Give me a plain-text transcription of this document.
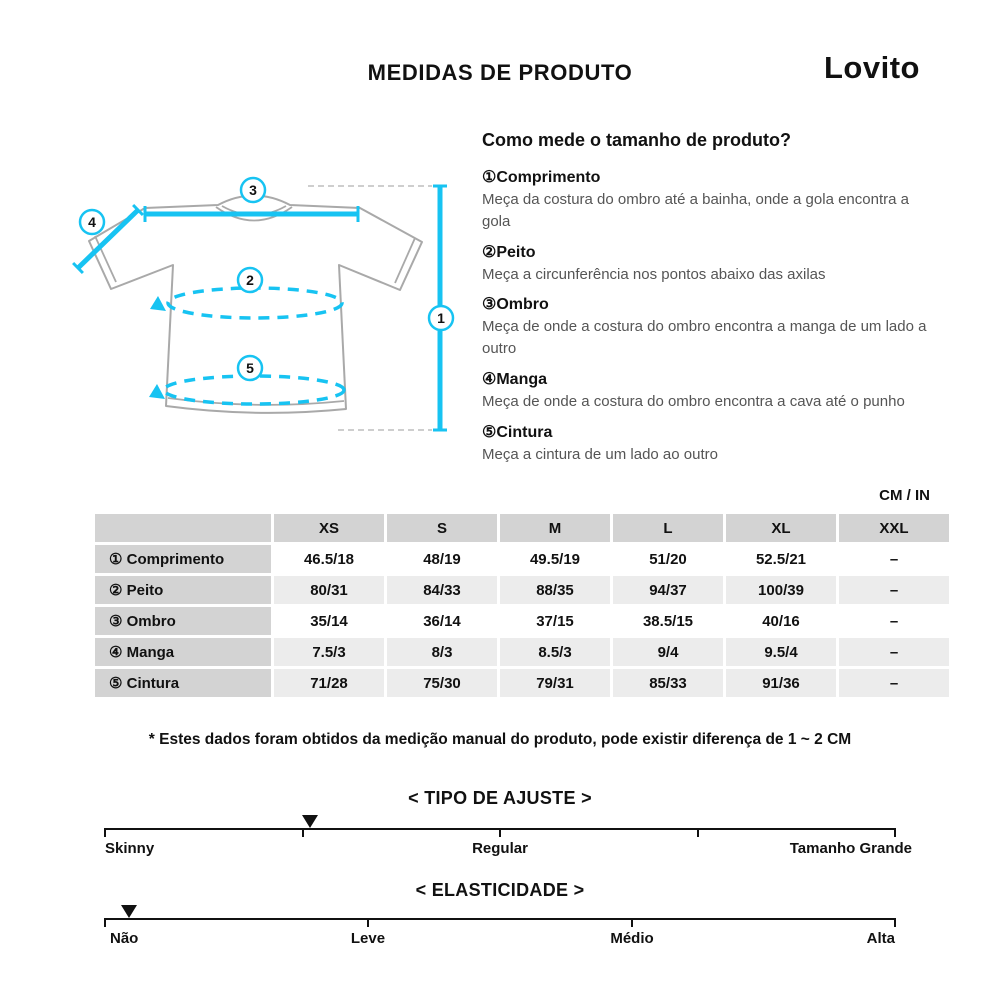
MEDIDAS DE PRODUTO	Lovito
3
4
2
5
1
Como mede o tamanho de produto?
①Comprimento
Meça da costura do ombro até a bainha, onde a gola encontra a gola
②Peito
Meça a circunferência nos pontos abaixo das axilas
③Ombro
Meça de onde a costura do ombro encontra a manga de um lado a outro
④Manga
Meça de onde a costura do ombro encontra a cava até o punho
⑤Cintura
Meça a cintura de um lado ao outro
CM / IN
XS	S	M	L	XL	XXL
① Comprimento	46.5/18	48/19	49.5/19	51/20	52.5/21	–
② Peito	80/31	84/33	88/35	94/37	100/39	–
③ Ombro	35/14	36/14	37/15	38.5/15	40/16	–
④ Manga	7.5/3	8/3	8.5/3	9/4	9.5/4	–
⑤ Cintura	71/28	75/30	79/31	85/33	91/36	–

* Estes dados foram obtidos da medição manual do produto, pode existir diferença de 1 ~ 2 CM

< TIPO DE AJUSTE >
Skinny	Regular	Tamanho Grande
< ELASTICIDADE >
Não	Leve	Médio	Alta
